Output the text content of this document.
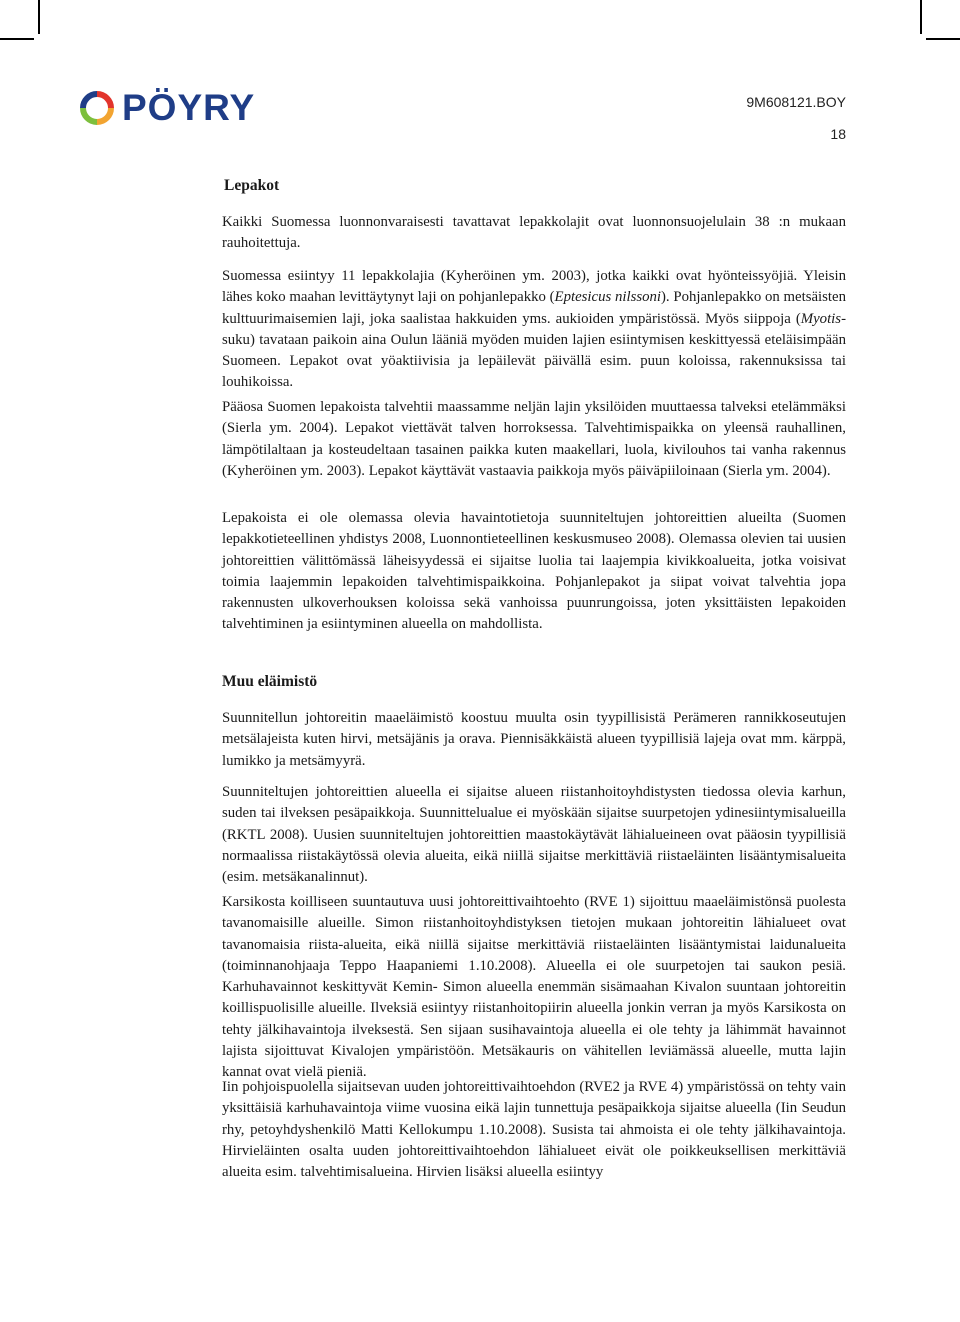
PÖYRY	9M608121.BOY
18
Lepakot

Kaikki Suomessa luonnonvaraisesti tavattavat lepakkolajit ovat luonnonsuojelulain 38 :n mukaan rauhoitettuja.

Suomessa esiintyy 11 lepakkolajia (Kyheröinen ym. 2003), jotka kaikki ovat hyönteissyöjiä. Yleisin lähes koko maahan levittäytynyt laji on pohjanlepakko (Eptesicus nilssoni). Pohjanlepakko on metsäisten kulttuurimaisemien laji, joka saalistaa hakkuiden yms. aukioiden ympäristössä. Myös siippoja (Myotis-suku) tavataan paikoin aina Oulun lääniä myöden muiden lajien esiintymisen keskittyessä eteläisimpään Suomeen. Lepakot ovat yöaktiivisia ja lepäilevät päivällä esim. puun koloissa, rakennuksissa tai louhikoissa.

Pääosa Suomen lepakoista talvehtii maassamme neljän lajin yksilöiden muuttaessa talveksi etelämmäksi (Sierla ym. 2004). Lepakot viettävät talven horroksessa. Talvehtimispaikka on yleensä rauhallinen, lämpötilaltaan ja kosteudeltaan tasainen paikka kuten maakellari, luola, kivilouhos tai vanha rakennus (Kyheröinen ym. 2003). Lepakot käyttävät vastaavia paikkoja myös päiväpiiloinaan (Sierla ym. 2004).

Lepakoista ei ole olemassa olevia havaintotietoja suunniteltujen johtoreittien alueilta (Suomen lepakkotieteellinen yhdistys 2008, Luonnontieteellinen keskusmuseo 2008). Olemassa olevien tai uusien johtoreittien välittömässä läheisyydessä ei sijaitse luolia tai laajempia kivikkoalueita, jotka voisivat toimia laajemmin lepakoiden talvehtimispaikkoina. Pohjanlepakot ja siipat voivat talvehtia jopa rakennusten ulkoverhouksen koloissa sekä vanhoissa puunrungoissa, joten yksittäisten lepakoiden talvehtiminen ja esiintyminen alueella on mahdollista.

Muu eläimistö

Suunnitellun johtoreitin maaeläimistö koostuu muulta osin tyypillisistä Perämeren rannikkoseutujen metsälajeista kuten hirvi, metsäjänis ja orava. Piennisäkkäistä alueen tyypillisiä lajeja ovat mm. kärppä, lumikko ja metsämyyrä.

Suunniteltujen johtoreittien alueella ei sijaitse alueen riistanhoitoyhdistysten tiedossa olevia karhun, suden tai ilveksen pesäpaikkoja. Suunnittelualue ei myöskään sijaitse suurpetojen ydinesiintymisalueilla (RKTL 2008). Uusien suunniteltujen johtoreittien maastokäytävät lähialueineen ovat pääosin tyypillisiä normaalissa riistakäytössä olevia alueita, eikä niillä sijaitse merkittäviä riistaeläinten lisääntymisalueita (esim. metsäkanalinnut).

Karsikosta koilliseen suuntautuva uusi johtoreittivaihtoehto (RVE 1) sijoittuu maaeläimistönsä puolesta tavanomaisille alueille. Simon riistanhoitoyhdistyksen tietojen mukaan johtoreitin lähialueet ovat tavanomaisia riista-alueita, eikä niillä sijaitse merkittäviä riistaeläinten lisääntymistai laidunalueita (toiminnanohjaaja Teppo Haapaniemi 1.10.2008). Alueella ei ole suurpetojen tai saukon pesiä. Karhuhavainnot keskittyvät Kemin- Simon alueella enemmän sisämaahan Kivalon suuntaan johtoreitin koillispuolisille alueille. Ilveksiä esiintyy riistanhoitopiirin alueella jonkin verran ja myös Karsikosta on tehty jälkihavaintoja ilveksestä. Sen sijaan susihavaintoja alueella ei ole tehty ja lähimmät havainnot lajista sijoittuvat Kivalojen ympäristöön. Metsäkauris on vähitellen leviämässä alueelle, mutta lajin kannat ovat vielä pieniä.

Iin pohjoispuolella sijaitsevan uuden johtoreittivaihtoehdon (RVE2 ja RVE 4) ympäristössä on tehty vain yksittäisiä karhuhavaintoja viime vuosina eikä lajin tunnettuja pesäpaikkoja sijaitse alueella (Iin Seudun rhy, petoyhdyshenkilö Matti Kellokumpu 1.10.2008). Susista tai ahmoista ei ole tehty jälkihavaintoja. Hirvieläinten osalta uuden johtoreittivaihtoehdon lähialueet eivät ole poikkeuksellisen merkittäviä alueita esim. talvehtimisalueina. Hirvien lisäksi alueella esiintyy
